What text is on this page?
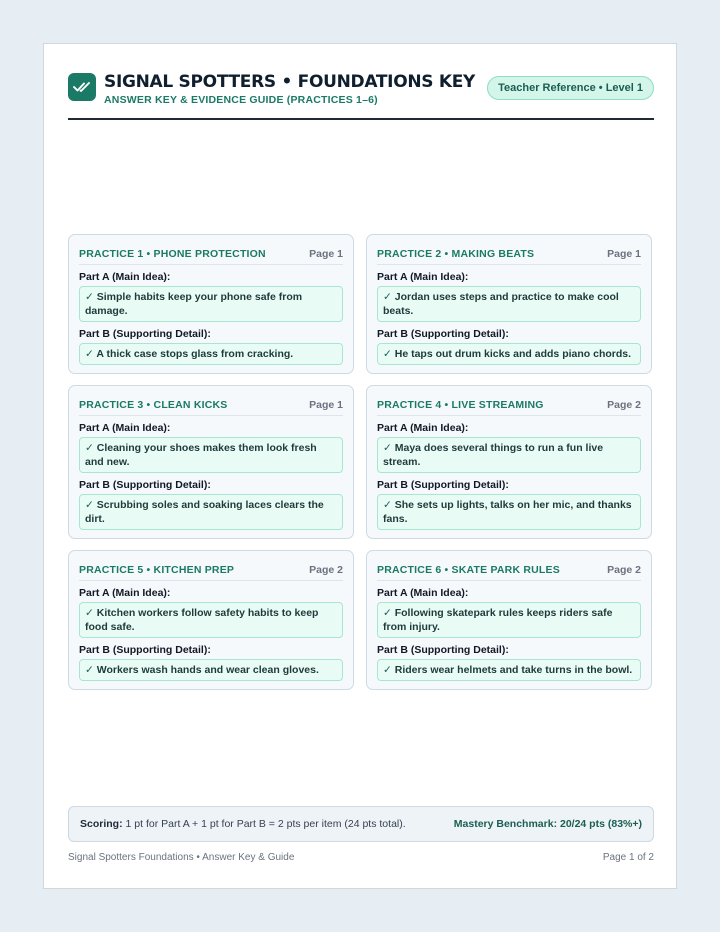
SIGNAL SPOTTERS • FOUNDATIONS KEY
ANSWER KEY & EVIDENCE GUIDE (PRACTICES 1–6)
Teacher Reference • Level 1
PRACTICE 1 • PHONE PROTECTION	Page 1
Part A (Main Idea):
✓ Simple habits keep your phone safe from damage.
Part B (Supporting Detail):
✓ A thick case stops glass from cracking.
PRACTICE 2 • MAKING BEATS	Page 1
Part A (Main Idea):
✓ Jordan uses steps and practice to make cool beats.
Part B (Supporting Detail):
✓ He taps out drum kicks and adds piano chords.
PRACTICE 3 • CLEAN KICKS	Page 1
Part A (Main Idea):
✓ Cleaning your shoes makes them look fresh and new.
Part B (Supporting Detail):
✓ Scrubbing soles and soaking laces clears the dirt.
PRACTICE 4 • LIVE STREAMING	Page 2
Part A (Main Idea):
✓ Maya does several things to run a fun live stream.
Part B (Supporting Detail):
✓ She sets up lights, talks on her mic, and thanks fans.
PRACTICE 5 • KITCHEN PREP	Page 2
Part A (Main Idea):
✓ Kitchen workers follow safety habits to keep food safe.
Part B (Supporting Detail):
✓ Workers wash hands and wear clean gloves.
PRACTICE 6 • SKATE PARK RULES	Page 2
Part A (Main Idea):
✓ Following skatepark rules keeps riders safe from injury.
Part B (Supporting Detail):
✓ Riders wear helmets and take turns in the bowl.
Scoring: 1 pt for Part A + 1 pt for Part B = 2 pts per item (24 pts total).	Mastery Benchmark: 20/24 pts (83%+)
Signal Spotters Foundations • Answer Key & Guide	Page 1 of 2
